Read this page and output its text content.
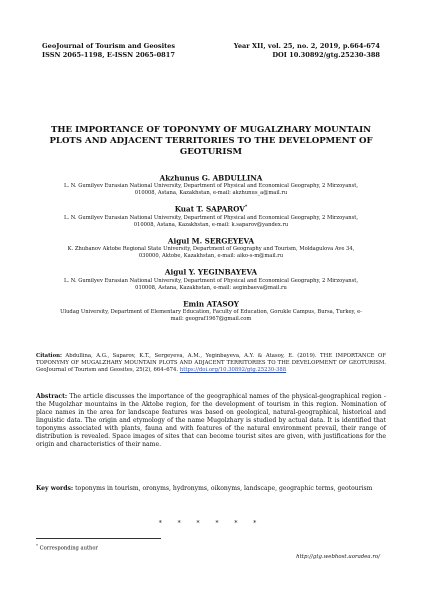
GeoJournal of Tourism and Geosites
ISSN 2065-1198, E-ISSN 2065-0817
Year XII, vol. 25, no. 2, 2019, p.664-674
DOI 10.30892/gtg.25230-388
THE IMPORTANCE OF TOPONYMY OF MUGALZHARY MOUNTAIN PLOTS AND ADJACENT TERRITORIES TO THE DEVELOPMENT OF GEOTURISM
Akzhunus G. ABDULLINA
L. N. Gumilyev Eurasian National University, Department of Physical and Economical Geography, 2 Mirzoyanst, 010008, Astana, Kazakhstan, e-mail: akzhunus_a@mail.ru
Kuat T. SAPAROV*
L. N. Gumilyev Eurasian National University, Department of Physical and Economical Geography, 2 Mirzoyanst, 010008, Astana, Kazakhstan, e-mail: k.saparov@yandex.ru
Aigul M. SERGEYEVA
K. Zhubanov Aktobe Regional State University, Department of Geography and Tourism, Moldagulova Ave 34, 030000, Aktobe, Kazakhstan, e-mail: aiko-s-m@mail.ru
Aigul Y. YEGINBAYEVA
L. N. Gumilyev Eurasian National University, Department of Physical and Economical Geography, 2 Mirzoyanst, 010008, Astana, Kazakhstan, e-mail: aeginbaeva@mail.ru
Emin ATASOY
Uludag University, Department of Elementary Education, Faculty of Education, Gorukle Campus, Bursa, Turkey, e-mail: geograf1967@gmail.com
Citation: Abdullina, A.G., Saparov, K.T., Sergeyeva, A.M., Yeginbayeva, A.Y. & Atasoy, E. (2019). THE IMPORTANCE OF TOPONYMY OF MUGALZHARY MOUNTAIN PLOTS AND ADJACENT TERRITORIES TO THE DEVELOPMENT OF GEOTURISM. GeoJournal of Tourism and Geosites, 25(2), 664–674. https://doi.org/10.30892/gtg.25230-388
Abstract: The article discusses the importance of the geographical names of the physical-geographical region - the Mugolzhar mountains in the Aktobe region, for the development of tourism in this region. Nomination of place names in the area for landscape features was based on geological, natural-geographical, historical and linguistic data. The origin and etymology of the name Mugolzhary is studied by actual data. It is identified that toponyms associated with plants, fauna and with features of the natural environment prevail, their range of distribution is revealed. Space images of sites that can become tourist sites are given, with justifications for the origin and characteristics of their name.
Key words: toponyms in tourism, oronyms, hydronyms, oikonyms, landscape, geographic terms, geotourism
* * * * * *
* Corresponding author
http://gtg.webhost.uoradea.ro/
